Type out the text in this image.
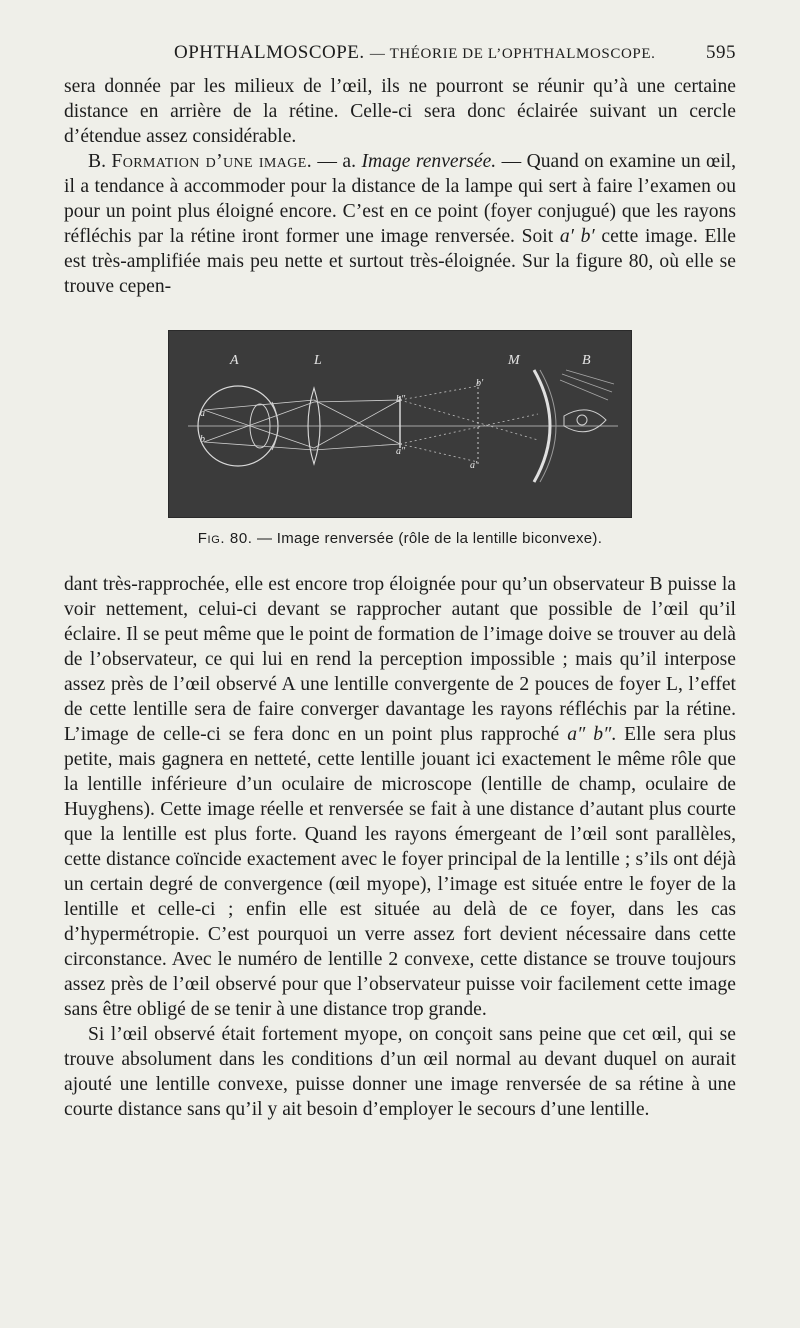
OPHTHALMOSCOPE. — THÉORIE DE L’OPHTHALMOSCOPE.	595

sera donnée par les milieux de l’œil, ils ne pourront se réunir qu’à une certaine distance en arrière de la rétine. Celle-ci sera donc éclairée suivant un cercle d’étendue assez considérable.

B. Formation d’une image. — a. Image renversée. — Quand on examine un œil, il a tendance à accommoder pour la distance de la lampe qui sert à faire l’examen ou pour un point plus éloigné encore. C’est en ce point (foyer conjugué) que les rayons réfléchis par la rétine iront former une image renversée. Soit a′ b′ cette image. Elle est très-amplifiée mais peu nette et surtout très-éloignée. Sur la figure 80, où elle se trouve cepen-

A	L	M	B
a
b
b″
a″
b′
a′
Fig. 80. — Image renversée (rôle de la lentille biconvexe).

dant très-rapprochée, elle est encore trop éloignée pour qu’un observateur B puisse la voir nettement, celui-ci devant se rapprocher autant que possible de l’œil qu’il éclaire. Il se peut même que le point de formation de l’image doive se trouver au delà de l’observateur, ce qui lui en rend la perception impossible ; mais qu’il interpose assez près de l’œil observé A une lentille convergente de 2 pouces de foyer L, l’effet de cette lentille sera de faire converger davantage les rayons réfléchis par la rétine. L’image de celle-ci se fera donc en un point plus rapproché a″ b″. Elle sera plus petite, mais gagnera en netteté, cette lentille jouant ici exactement le même rôle que la lentille inférieure d’un oculaire de microscope (lentille de champ, oculaire de Huyghens). Cette image réelle et renversée se fait à une distance d’autant plus courte que la lentille est plus forte. Quand les rayons émergeant de l’œil sont parallèles, cette distance coïncide exactement avec le foyer principal de la lentille ; s’ils ont déjà un certain degré de convergence (œil myope), l’image est située entre le foyer de la lentille et celle-ci ; enfin elle est située au delà de ce foyer, dans les cas d’hypermétropie. C’est pourquoi un verre assez fort devient nécessaire dans cette circonstance. Avec le numéro de lentille 2 convexe, cette distance se trouve toujours assez près de l’œil observé pour que l’observateur puisse voir facilement cette image sans être obligé de se tenir à une distance trop grande.

Si l’œil observé était fortement myope, on conçoit sans peine que cet œil, qui se trouve absolument dans les conditions d’un œil normal au devant duquel on aurait ajouté une lentille convexe, puisse donner une image renversée de sa rétine à une courte distance sans qu’il y ait besoin d’employer le secours d’une lentille.
